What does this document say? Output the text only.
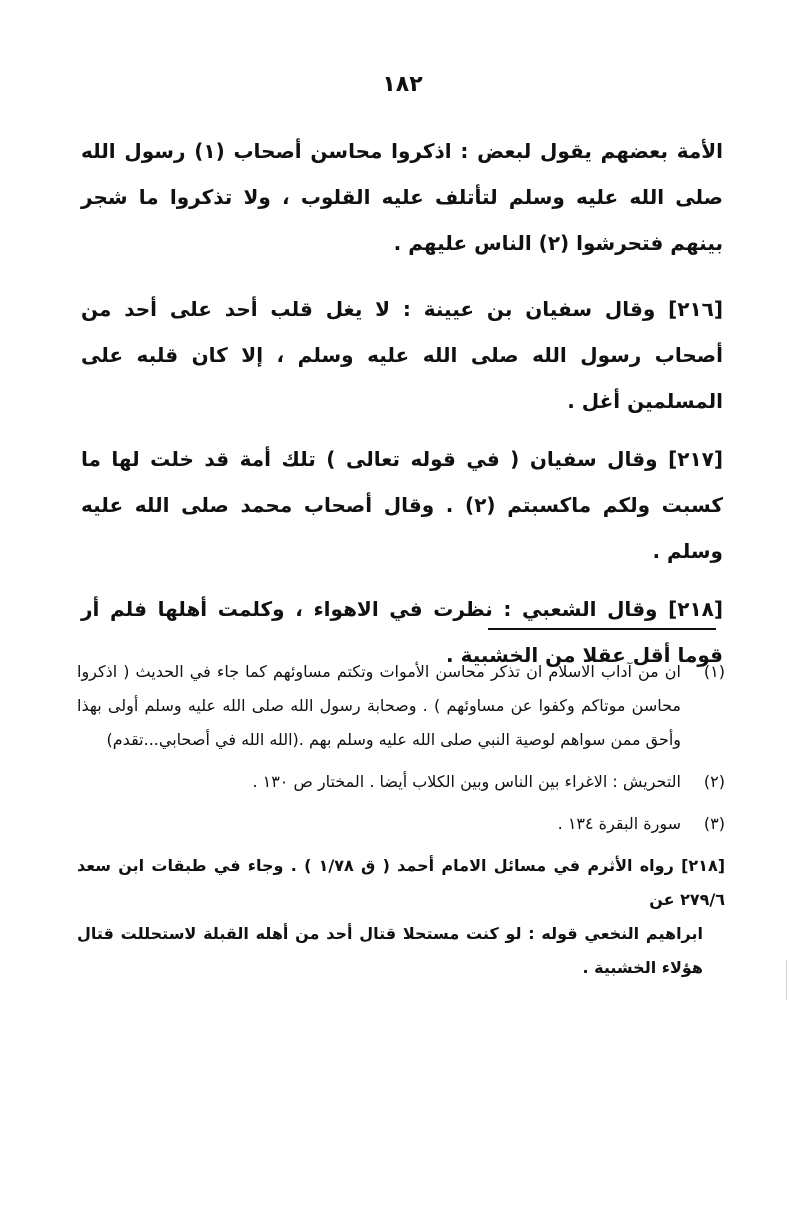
١٨٢

الأمة بعضهم يقول لبعض : اذكروا محاسن أصحاب (١) رسول الله صلى الله عليه وسلم لتأتلف عليه القلوب ، ولا تذكروا ما شجر بينهم فتحرشوا (٢) الناس عليهم .

[٢١٦] وقال سفيان بن عيينة : لا يغل قلب أحد على أحد من أصحاب رسول الله صلى الله عليه وسلم ، إلا كان قلبه على المسلمين أغل .

[٢١٧] وقال سفيان ( في قوله تعالى ) تلك أمة قد خلت لها ما كسبت ولكم ماكسبتم (٢) . وقال أصحاب محمد صلى الله عليه وسلم .

[٢١٨] وقال الشعبي : نظرت في الاهواء ، وكلمت أهلها فلم أر قوما أقل عقلا من الخشبية .

(١)
ان من آداب الاسلام ان تذكر محاسن الأموات وتكتم مساوئهم كما جاء في الحديث ( اذكروا محاسن موتاكم وكفوا عن مساوئهم ) . وصحابة رسول الله صلى الله عليه وسلم أولى بهذا وأحق ممن سواهم لوصية النبي صلى الله عليه وسلم بهم .(الله الله في أصحابي...تقدم)
(٢)
التحريش : الاغراء بين الناس وبين الكلاب أيضا . المختار ص ١٣٠ .
(٣)
سورة البقرة ١٣٤ .
[٢١٨] رواه الأثرم في مسائل الامام أحمد ( ق ١/٧٨ ) . وجاء في طبقات ابن سعد ٢٧٩/٦ عن
ابراهيم النخعي قوله : لو كنت مستحلا قتال أحد من أهله القبلة لاستحللت قتال هؤلاء الخشبية .
